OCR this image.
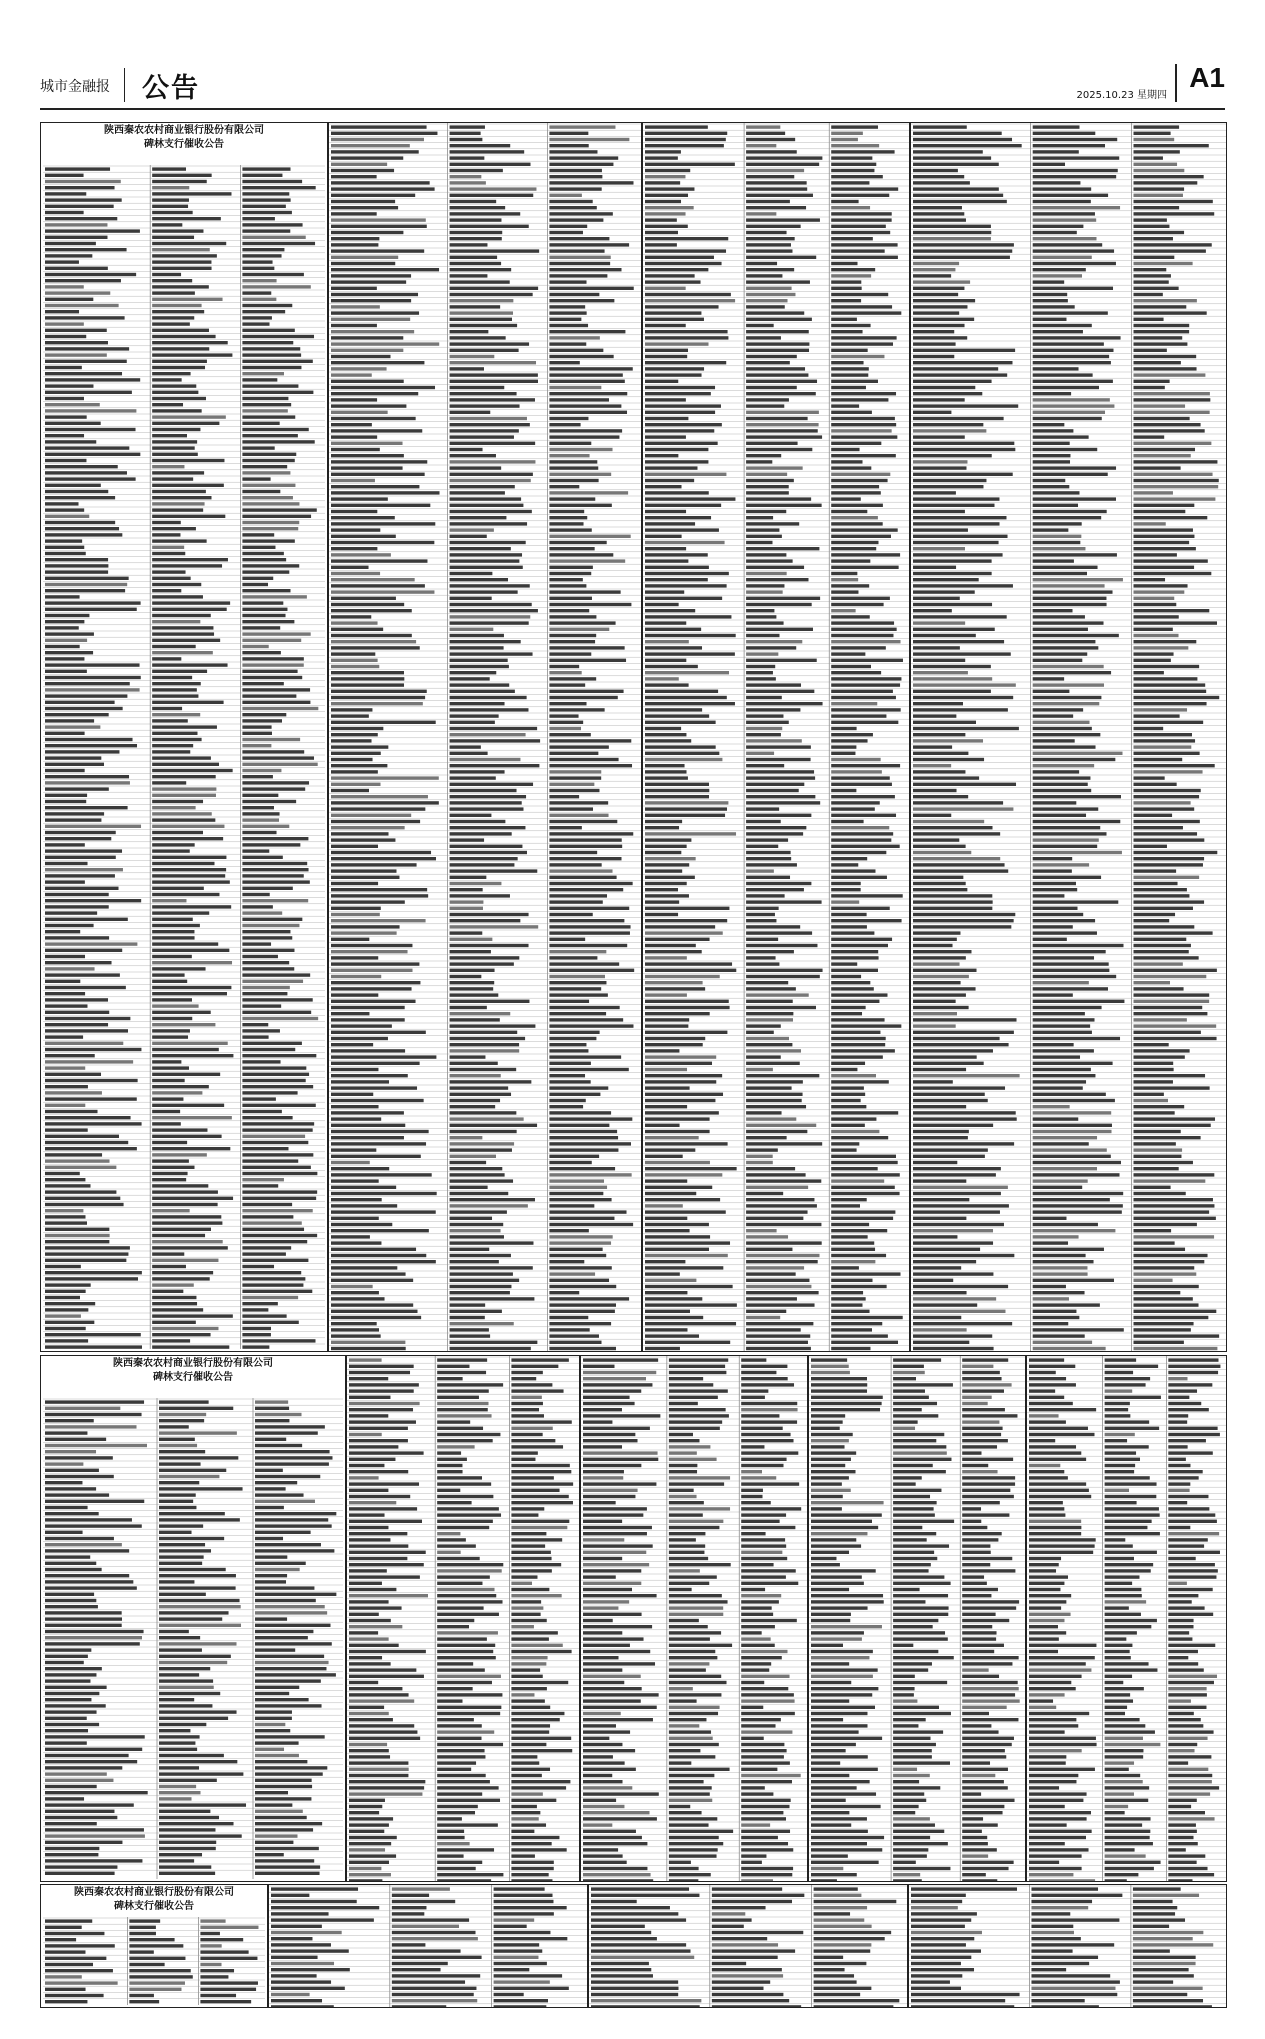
城市金融报 公告	2025.10.23 星期四
A1
陕西秦农农村商业银行股份有限公司
碑林支行催收公告
陕西秦农农村商业银行股份有限公司
碑林支行催收公告
陕西秦农农村商业银行股份有限公司
碑林支行催收公告
